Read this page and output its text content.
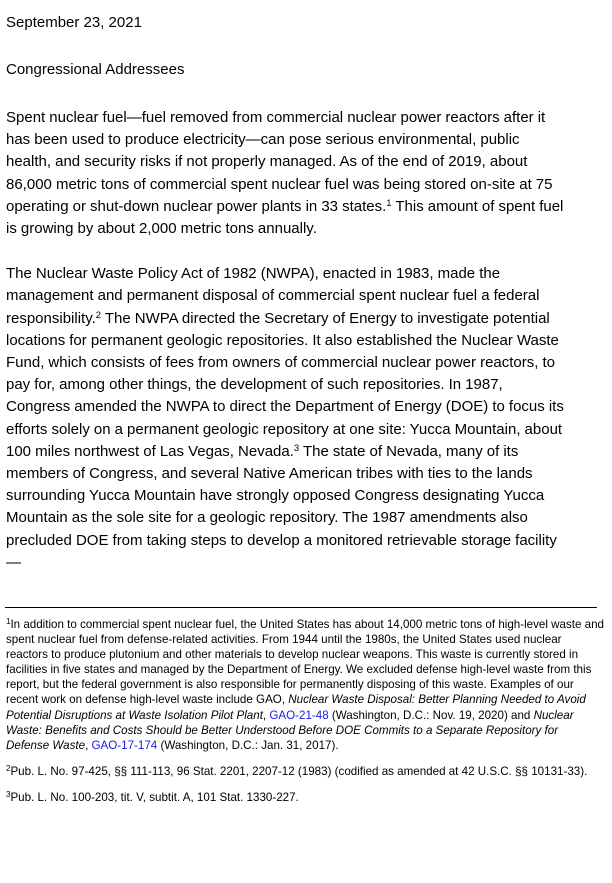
September 23, 2021
Congressional Addressees

Spent nuclear fuel—fuel removed from commercial nuclear power reactors after it has been used to produce electricity—can pose serious environmental, public health, and security risks if not properly managed. As of the end of 2019, about 86,000 metric tons of commercial spent nuclear fuel was being stored on-site at 75 operating or shut-down nuclear power plants in 33 states.$^1$ This amount of spent fuel is growing by about 2,000 metric tons annually.

The Nuclear Waste Policy Act of 1982 (NWPA), enacted in 1983, made the management and permanent disposal of commercial spent nuclear fuel a federal responsibility.$^2$ The NWPA directed the Secretary of Energy to investigate potential locations for permanent geologic repositories. It also established the Nuclear Waste Fund, which consists of fees from owners of commercial nuclear power reactors, to pay for, among other things, the development of such repositories. In 1987, Congress amended the NWPA to direct the Department of Energy (DOE) to focus its efforts solely on a permanent geologic repository at one site: Yucca Mountain, about 100 miles northwest of Las Vegas, Nevada.$^3$ The state of Nevada, many of its members of Congress, and several Native American tribes with ties to the lands surrounding Yucca Mountain have strongly opposed Congress designating Yucca Mountain as the sole site for a geologic repository. The 1987 amendments also precluded DOE from taking steps to develop a monitored retrievable storage facility—

$^1$In addition to commercial spent nuclear fuel, the United States has about 14,000 metric tons of high-level waste and spent nuclear fuel from defense-related activities. From 1944 until the 1980s, the United States used nuclear reactors to produce plutonium and other materials to develop nuclear weapons. This waste is currently stored in facilities in five states and managed by the Department of Energy. We excluded defense high-level waste from this report, but the federal government is also responsible for permanently disposing of this waste. Examples of our recent work on defense high-level waste include GAO, Nuclear Waste Disposal: Better Planning Needed to Avoid Potential Disruptions at Waste Isolation Pilot Plant, GAO-21-48 (Washington, D.C.: Nov. 19, 2020) and Nuclear Waste: Benefits and Costs Should be Better Understood Before DOE Commits to a Separate Repository for Defense Waste, GAO-17-174 (Washington, D.C.: Jan. 31, 2017).

$^2$Pub. L. No. 97-425, §§ 111-113, 96 Stat. 2201, 2207-12 (1983) (codified as amended at 42 U.S.C. §§ 10131-33).

$^3$Pub. L. No. 100-203, tit. V, subtit. A, 101 Stat. 1330-227.
